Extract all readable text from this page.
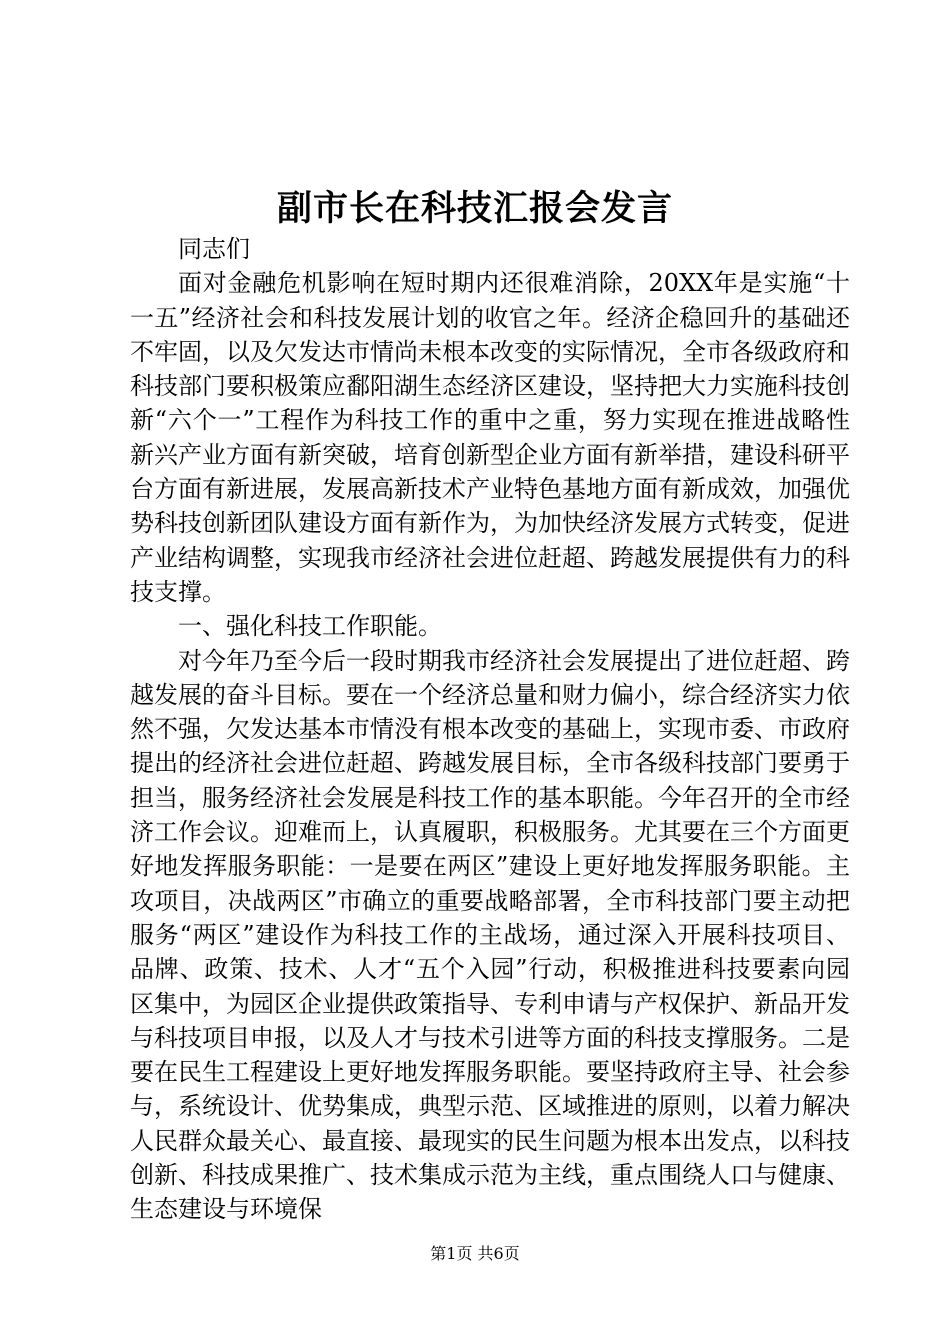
副市长在科技汇报会发言

同志们

面对金融危机影响在短时期内还很难消除，20XX年是实施“十一五”经济社会和科技发展计划的收官之年。经济企稳回升的基础还不牢固，以及欠发达市情尚未根本改变的实际情况，全市各级政府和科技部门要积极策应鄱阳湖生态经济区建设，坚持把大力实施科技创新“六个一”工程作为科技工作的重中之重，努力实现在推进战略性新兴产业方面有新突破，培育创新型企业方面有新举措，建设科研平台方面有新进展，发展高新技术产业特色基地方面有新成效，加强优势科技创新团队建设方面有新作为，为加快经济发展方式转变，促进产业结构调整，实现我市经济社会进位赶超、跨越发展提供有力的科技支撑。

一、强化科技工作职能。

对今年乃至今后一段时期我市经济社会发展提出了进位赶超、跨越发展的奋斗目标。要在一个经济总量和财力偏小，综合经济实力依然不强，欠发达基本市情没有根本改变的基础上，实现市委、市政府提出的经济社会进位赶超、跨越发展目标，全市各级科技部门要勇于担当，服务经济社会发展是科技工作的基本职能。今年召开的全市经济工作会议。迎难而上，认真履职，积极服务。尤其要在三个方面更好地发挥服务职能：一是要在两区”建设上更好地发挥服务职能。主攻项目，决战两区”市确立的重要战略部署，全市科技部门要主动把服务“两区”建设作为科技工作的主战场，通过深入开展科技项目、品牌、政策、技术、人才“五个入园”行动，积极推进科技要素向园区集中，为园区企业提供政策指导、专利申请与产权保护、新品开发与科技项目申报，以及人才与技术引进等方面的科技支撑服务。二是要在民生工程建设上更好地发挥服务职能。要坚持政府主导、社会参与，系统设计、优势集成，典型示范、区域推进的原则，以着力解决人民群众最关心、最直接、最现实的民生问题为根本出发点，以科技创新、科技成果推广、技术集成示范为主线，重点围绕人口与健康、生态建设与环境保

第1页 共6页
